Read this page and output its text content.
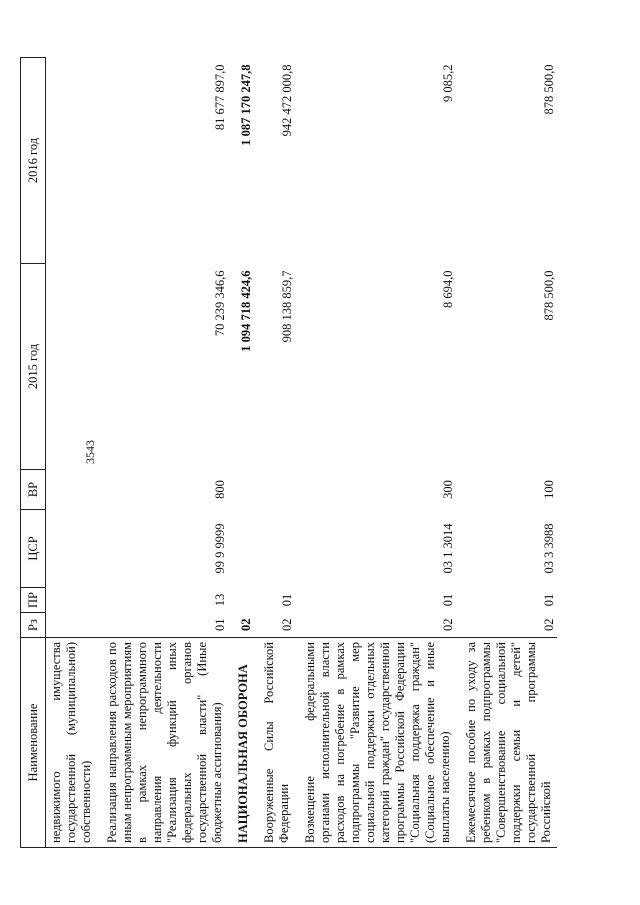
3543
Наименование	Рз	ПР	ЦСР	ВР	2015 год	2016 год
недвижимого имущества государственной (муниципальной) собственности)						
Реализация направления расходов по иным непрограммным мероприятиям в рамках непрограммного направления деятельности "Реализация функций иных федеральных органов государственной власти" (Иные бюджетные ассигнования)	01	13	99 9 9999	800	70 239 346,6	81 677 897,0
НАЦИОНАЛЬНАЯ ОБОРОНА	02				1 094 718 424,6	1 087 170 247,8
Вооруженные Силы Российской Федерации	02	01			908 138 859,7	942 472 000,8
Возмещение федеральными органами исполнительной власти расходов на погребение в рамках подпрограммы "Развитие мер социальной поддержки отдельных категорий граждан" государственной программы Российской Федерации "Социальная поддержка граждан" (Социальное обеспечение и иные выплаты населению)	02	01	03 1 3014	300	8 694,0	9 085,2
Ежемесячное пособие по уходу за ребенком в рамках подпрограммы "Совершенствование социальной поддержки семьи и детей" государственной программы Российской	02	01	03 3 3988	100	878 500,0	878 500,0
